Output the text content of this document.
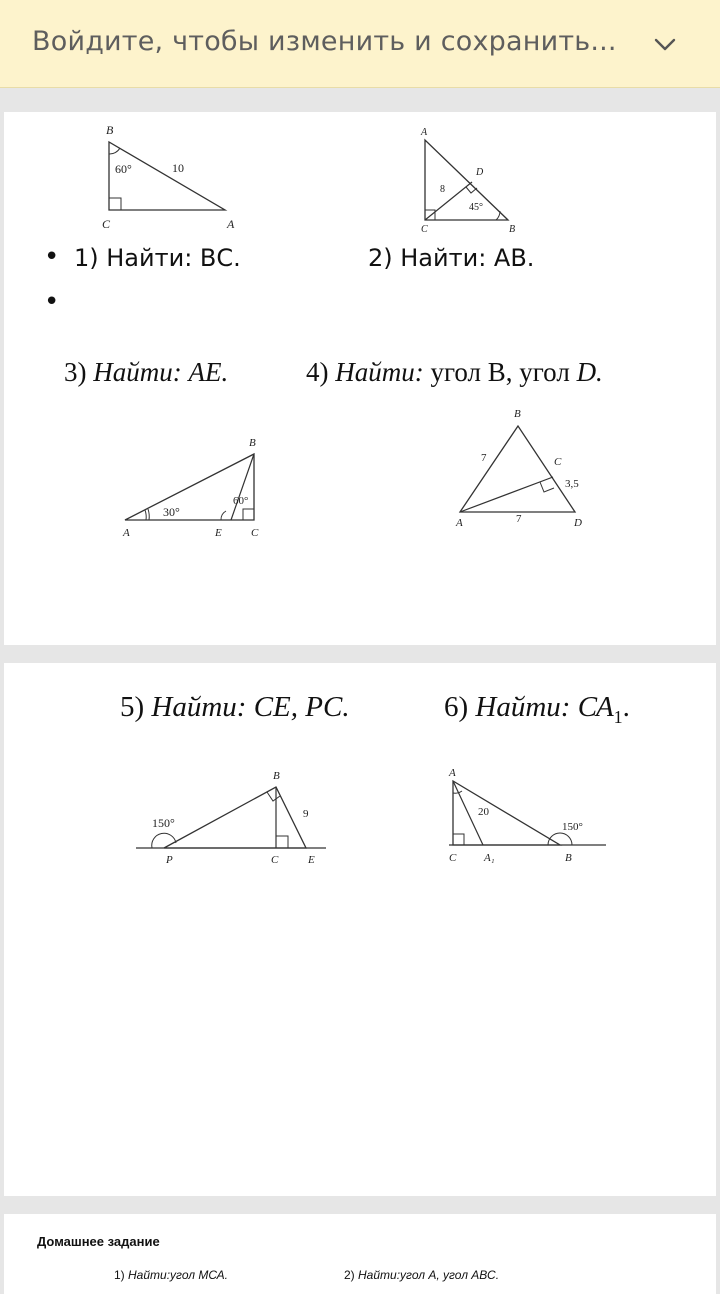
Войдите, чтобы изменить и сохранить...
B
60°	10
C	A
A
D
8
45°
C	B
• 1) Найти: ВС.	2) Найти: АВ.
•
3) Найти: АЕ.	4) Найти: угол В, угол D.
B
30°
60°
A	E	C
B
7	C
3,5
A	7	D
5) Найти: СЕ, РС.	6) Найти: $СА_1$.
B
9
150°
P	C	E
A
20
150°
C	A₁	B
Домашнее задание
1) Найти:угол МСА.	2) Найти:угол А, угол АВС.
